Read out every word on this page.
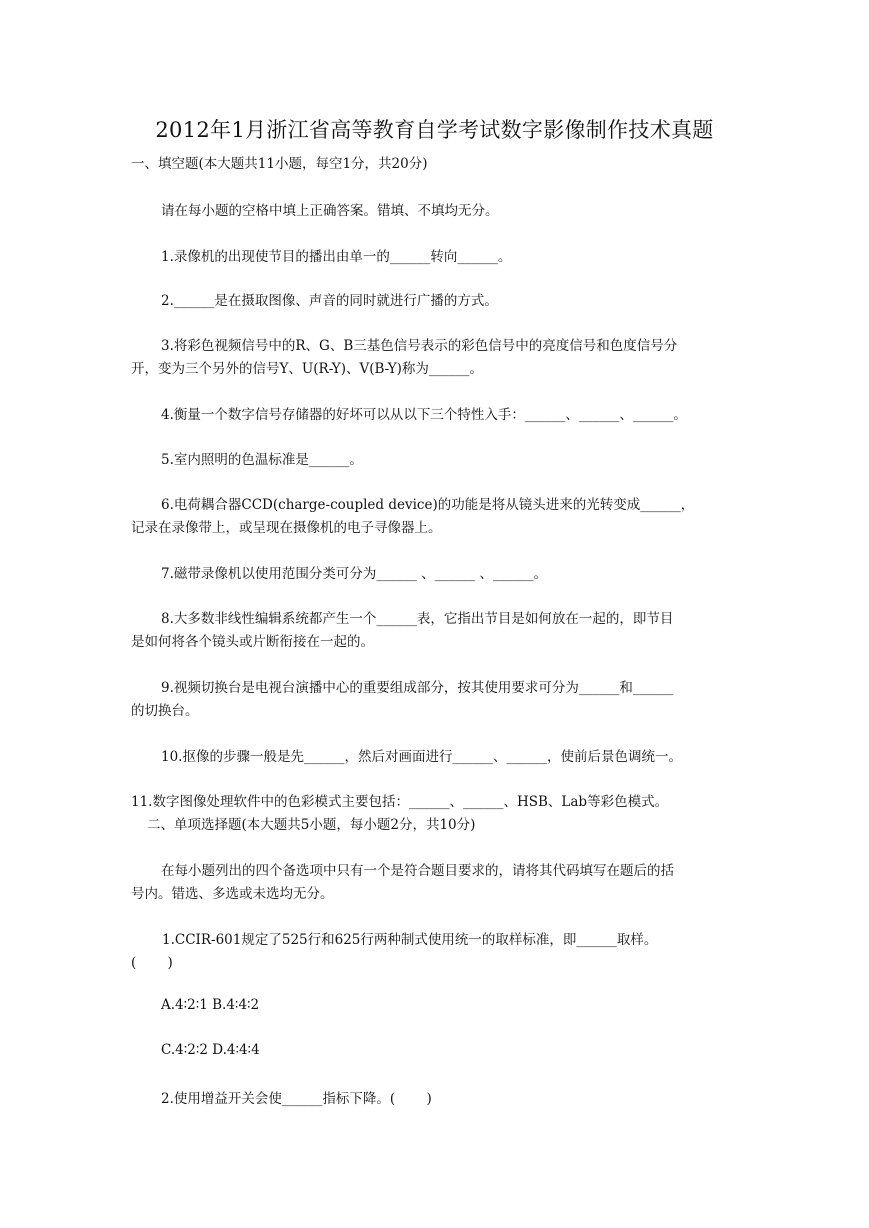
2012年1月浙江省高等教育自学考试数字影像制作技术真题
一、填空题(本大题共11小题，每空1分，共20分)
请在每小题的空格中填上正确答案。错填、不填均无分。
1.录像机的出现使节目的播出由单一的______转向______。
2.______是在摄取图像、声音的同时就进行广播的方式。
3.将彩色视频信号中的R、G、B三基色信号表示的彩色信号中的亮度信号和色度信号分
开，变为三个另外的信号Y、U(R-Y)、V(B-Y)称为______。
4.衡量一个数字信号存储器的好坏可以从以下三个特性入手：______、______、______。
5.室内照明的色温标准是______。
6.电荷耦合器CCD(charge-coupled device)的功能是将从镜头进来的光转变成______，
记录在录像带上，或呈现在摄像机的电子寻像器上。
7.磁带录像机以使用范围分类可分为______ 、______ 、______。
8.大多数非线性编辑系统都产生一个______表，它指出节目是如何放在一起的，即节目
是如何将各个镜头或片断衔接在一起的。
9.视频切换台是电视台演播中心的重要组成部分，按其使用要求可分为______和______
的切换台。
10.抠像的步骤一般是先______，然后对画面进行______、______，使前后景色调统一。
11.数字图像处理软件中的色彩模式主要包括：______、______、HSB、Lab等彩色模式。
二、单项选择题(本大题共5小题，每小题2分，共10分)
在每小题列出的四个备选项中只有一个是符合题目要求的，请将其代码填写在题后的括
号内。错选、多选或未选均无分。
1.CCIR-601规定了525行和625行两种制式使用统一的取样标准，即______取样。
(　　 )
A.4∶2∶1 B.4∶4∶2
C.4∶2∶2 D.4∶4∶4
2.使用增益开关会使______指标下降。(　　 )
